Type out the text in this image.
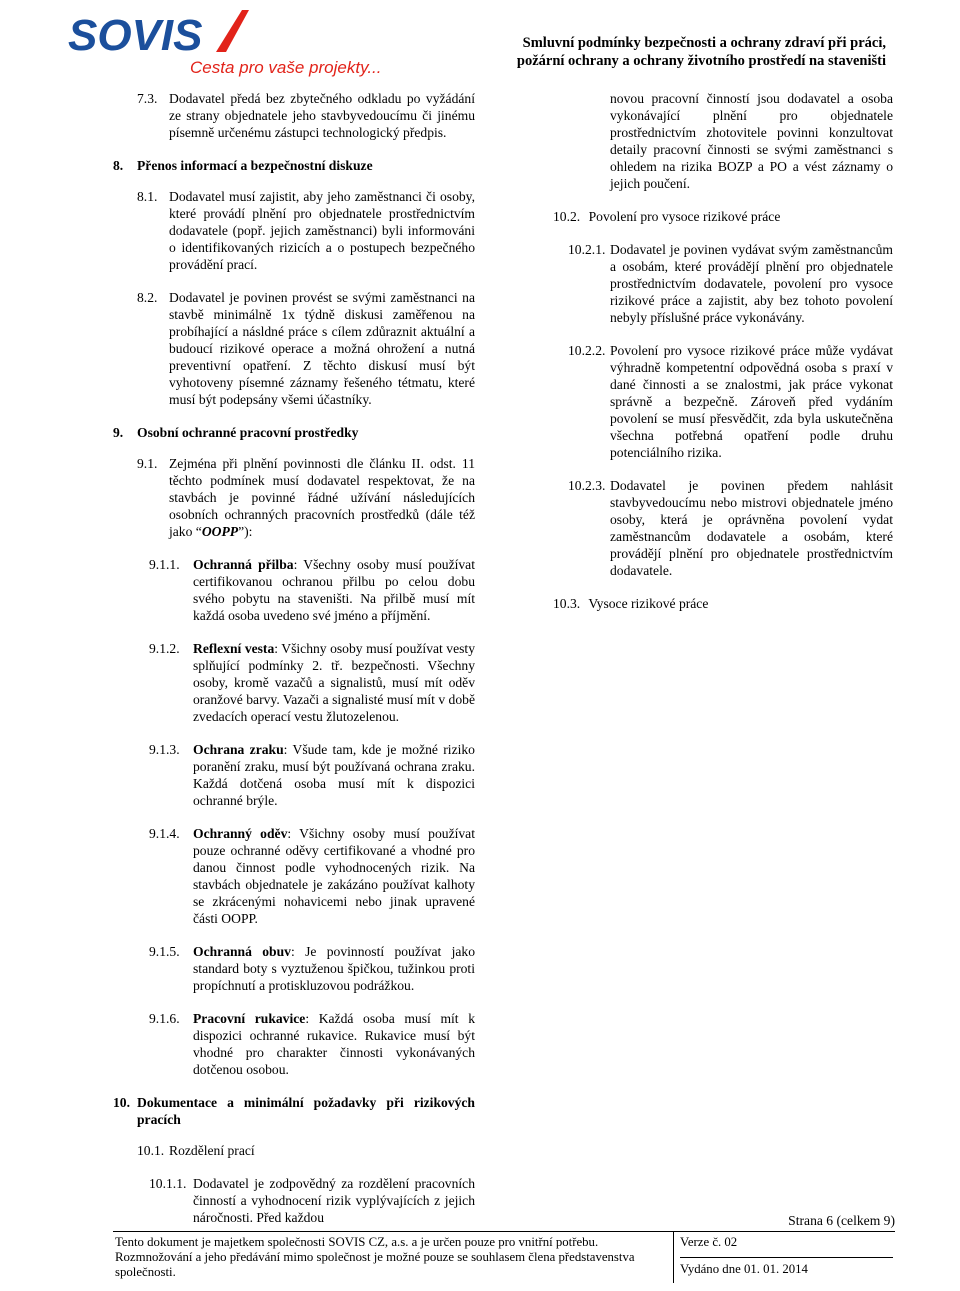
SOVIS
Cesta pro vaše projekty...
Smluvní podmínky bezpečnosti a ochrany zdraví při práci,
požární ochrany a ochrany životního prostředí na staveništi
7.3. Dodavatel předá bez zbytečného odkladu po vyžádání ze strany objednatele jeho stavbyvedoucímu či jinému písemně určenému zástupci technologický předpis.
8. Přenos informací a bezpečnostní diskuze
8.1. Dodavatel musí zajistit, aby jeho zaměstnanci či osoby, které provádí plnění pro objednatele prostřednictvím dodavatele (popř. jejich zaměstnanci) byli informováni o identifikovaných rizicích a o postupech bezpečného provádění prací.
8.2. Dodavatel je povinen provést se svými zaměstnanci na stavbě minimálně 1x týdně diskusi zaměřenou na probíhající a násldné práce s cílem zdůraznit aktuální a budoucí rizikové operace a možná ohrožení a nutná preventivní opatření. Z těchto diskusí musí být vyhotoveny písemné záznamy řešeného tétmatu, které musí být podepsány všemi účastníky.
9. Osobní ochranné pracovní prostředky
9.1. Zejména při plnění povinnosti dle článku II. odst. 11 těchto podmínek musí dodavatel respektovat, že na stavbách je povinné řádné užívání následujících osobních ochranných pracovních prostředků (dále též jako “OOPP”):
9.1.1. Ochranná přilba: Všechny osoby musí používat certifikovanou ochranou přilbu po celou dobu svého pobytu na staveništi. Na přilbě musí mít každá osoba uvedeno své jméno a příjmění.
9.1.2. Reflexní vesta: Všichny osoby musí používat vesty splňující podmínky 2. tř. bezpečnosti. Všechny osoby, kromě vazačů a signalistů, musí mít oděv oranžové barvy. Vazači a signalisté musí mít v době zvedacích operací vestu žlutozelenou.
9.1.3. Ochrana zraku: Všude tam, kde je možné riziko poranění zraku, musí být používaná ochrana zraku. Každá dotčená osoba musí mít k dispozici ochranné brýle.
9.1.4. Ochranný oděv: Všichny osoby musí používat pouze ochranné oděvy certifikované a vhodné pro danou činnost podle vyhodnocených rizik. Na stavbách objednatele je zakázáno používat kalhoty se zkrácenými nohavicemi nebo jinak upravené části OOPP.
9.1.5. Ochranná obuv: Je povinností používat jako standard boty s vyztuženou špičkou, tužinkou proti propíchnutí a protiskluzovou podrážkou.
9.1.6. Pracovní rukavice: Každá osoba musí mít k dispozici ochranné rukavice. Rukavice musí být vhodné pro charakter činnosti vykonávaných dotčenou osobou.
10. Dokumentace a minimální požadavky při rizikových pracích
10.1. Rozdělení prací
10.1.1. Dodavatel je zodpovědný za rozdělení pracovních činností a vyhodnocení rizik vyplývajících z jejich náročnosti. Před každou
novou pracovní činností jsou dodavatel a osoba vykonávající plnění pro objednatele prostřednictvím zhotovitele povinni konzultovat detaily pracovní činnosti se svými zaměstnanci s ohledem na rizika BOZP a PO a vést záznamy o jejich poučení.
10.2. Povolení pro vysoce rizikové práce
10.2.1. Dodavatel je povinen vydávat svým zaměstnancům a osobám, které provádějí plnění pro objednatele prostřednictvím dodavatele, povolení pro vysoce rizikové práce a zajistit, aby bez tohoto povolení nebyly příslušné práce vykonávány.
10.2.2. Povolení pro vysoce rizikové práce může vydávat výhradně kompetentní odpovědná osoba s praxí v dané činnosti a se znalostmi, jak práce vykonat správně a bezpečně. Zároveň před vydáním povolení se musí přesvědčit, zda byla uskutečněna všechna potřebná opatření podle druhu potenciálního rizika.
10.2.3. Dodavatel je povinen předem nahlásit stavbyvedoucímu nebo mistrovi objednatele jméno osoby, která je oprávněna povolení vydat zaměstnancům dodavatele a osobám, které provádějí plnění pro objednatele prostřednictvím dodavatele.
10.3. Vysoce rizikové práce
Strana 6 (celkem 9)
Tento dokument je majetkem společnosti SOVIS CZ, a.s. a je určen pouze pro vnitřní potřebu.
Rozmnožování a jeho předávání mimo společnost je možné pouze se souhlasem člena představenstva společnosti.

Verze č. 02
Vydáno dne 01. 01. 2014
